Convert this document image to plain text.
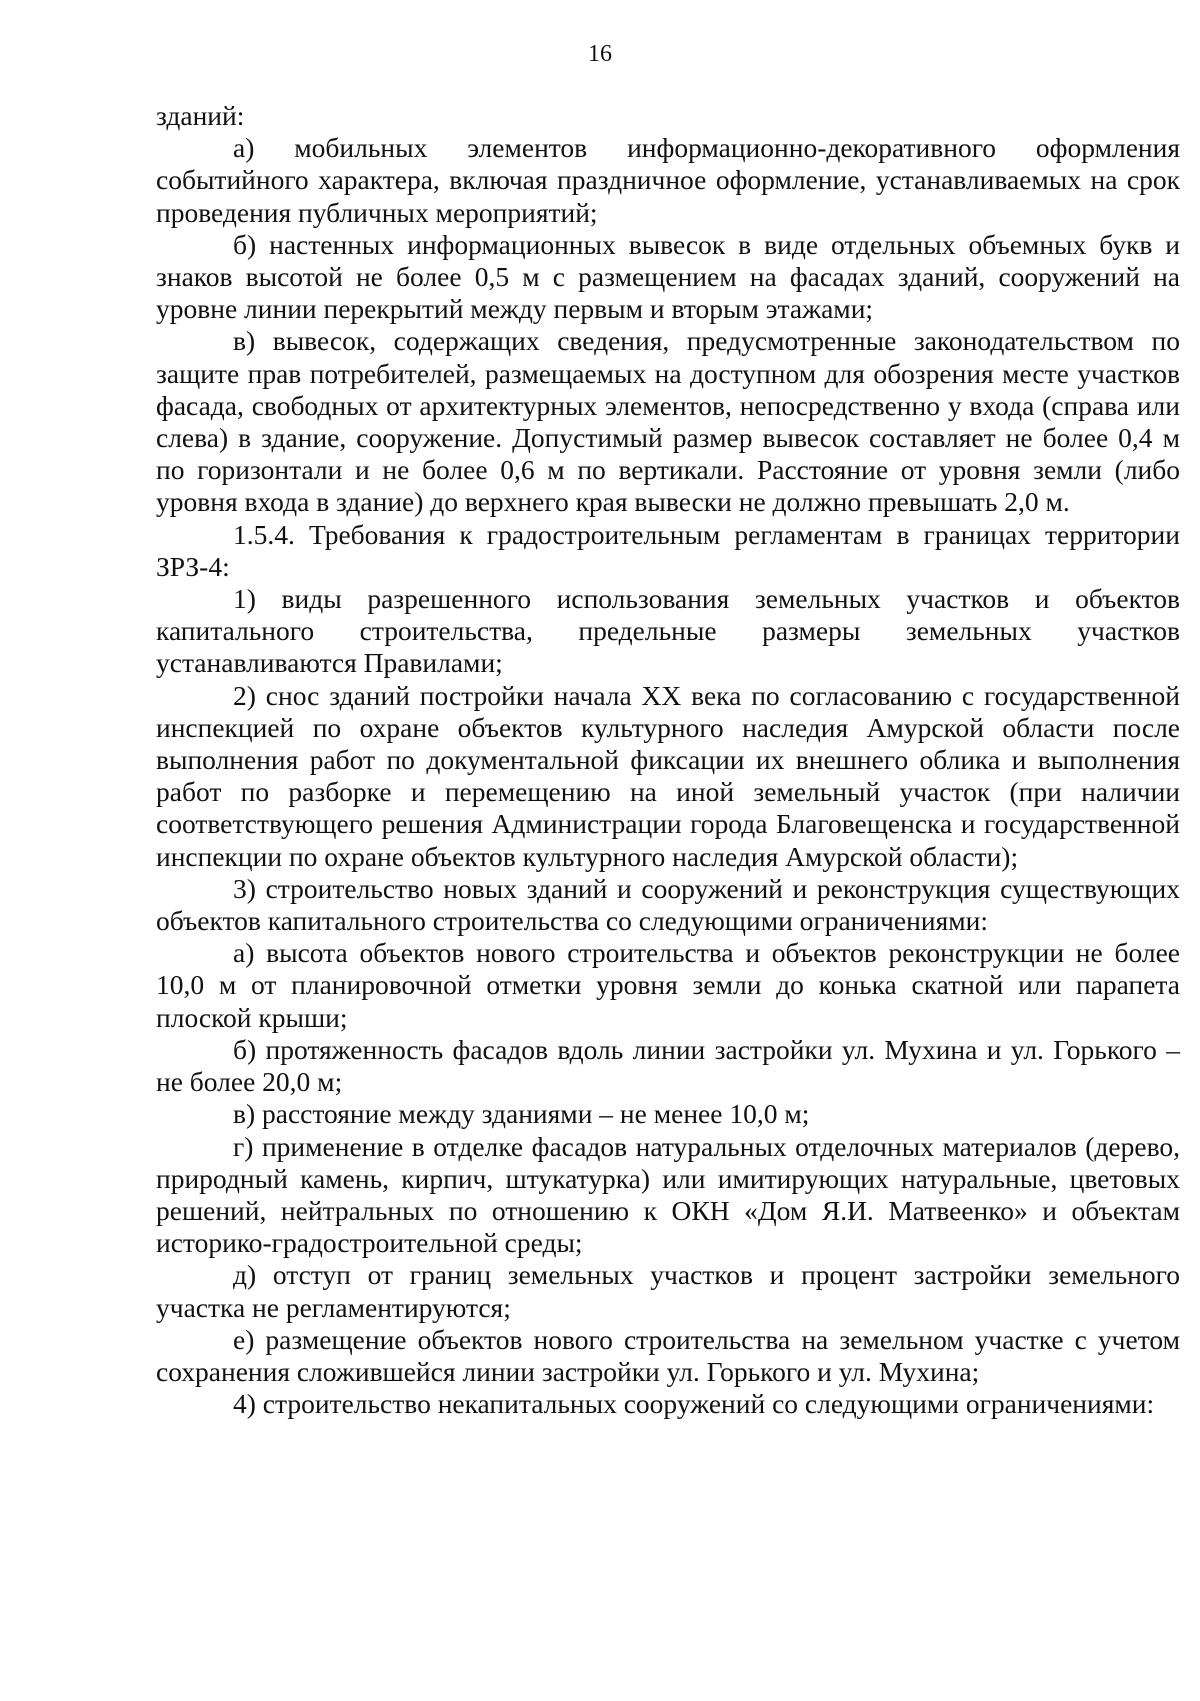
16

зданий:

а) мобильных элементов информационно-декоративного оформления событийного характера, включая праздничное оформление, устанавливаемых на срок проведения публичных мероприятий;

б) настенных информационных вывесок в виде отдельных объемных букв и знаков высотой не более 0,5 м с размещением на фасадах зданий, сооружений на уровне линии перекрытий между первым и вторым этажами;

в) вывесок, содержащих сведения, предусмотренные законодательством по защите прав потребителей, размещаемых на доступном для обозрения месте участков фасада, свободных от архитектурных элементов, непосредственно у входа (справа или слева) в здание, сооружение. Допустимый размер вывесок составляет не более 0,4 м по горизонтали и не более 0,6 м по вертикали. Расстояние от уровня земли (либо уровня входа в здание) до верхнего края вывески не должно превышать 2,0 м.

1.5.4. Требования к градостроительным регламентам в границах территории ЗРЗ-4:

1) виды разрешенного использования земельных участков и объектов капитального строительства, предельные размеры земельных участков устанавливаются Правилами;

2) снос зданий постройки начала XX века по согласованию с государственной инспекцией по охране объектов культурного наследия Амурской области после выполнения работ по документальной фиксации их внешнего облика и выполнения работ по разборке и перемещению на иной земельный участок (при наличии соответствующего решения Администрации города Благовещенска и государственной инспекции по охране объектов культурного наследия Амурской области);

3) строительство новых зданий и сооружений и реконструкция существующих объектов капитального строительства со следующими ограничениями:

а) высота объектов нового строительства и объектов реконструкции не более 10,0 м от планировочной отметки уровня земли до конька скатной или парапета плоской крыши;

б) протяженность фасадов вдоль линии застройки ул. Мухина и ул. Горького – не более 20,0 м;

в) расстояние между зданиями – не менее 10,0 м;

г) применение в отделке фасадов натуральных отделочных материалов (дерево, природный камень, кирпич, штукатурка) или имитирующих натуральные, цветовых решений, нейтральных по отношению к ОКН «Дом Я.И. Матвеенко» и объектам историко-градостроительной среды;

д) отступ от границ земельных участков и процент застройки земельного участка не регламентируются;

е) размещение объектов нового строительства на земельном участке с учетом сохранения сложившейся линии застройки ул. Горького и ул. Мухина;

4) строительство некапитальных сооружений со следующими ограничениями:
